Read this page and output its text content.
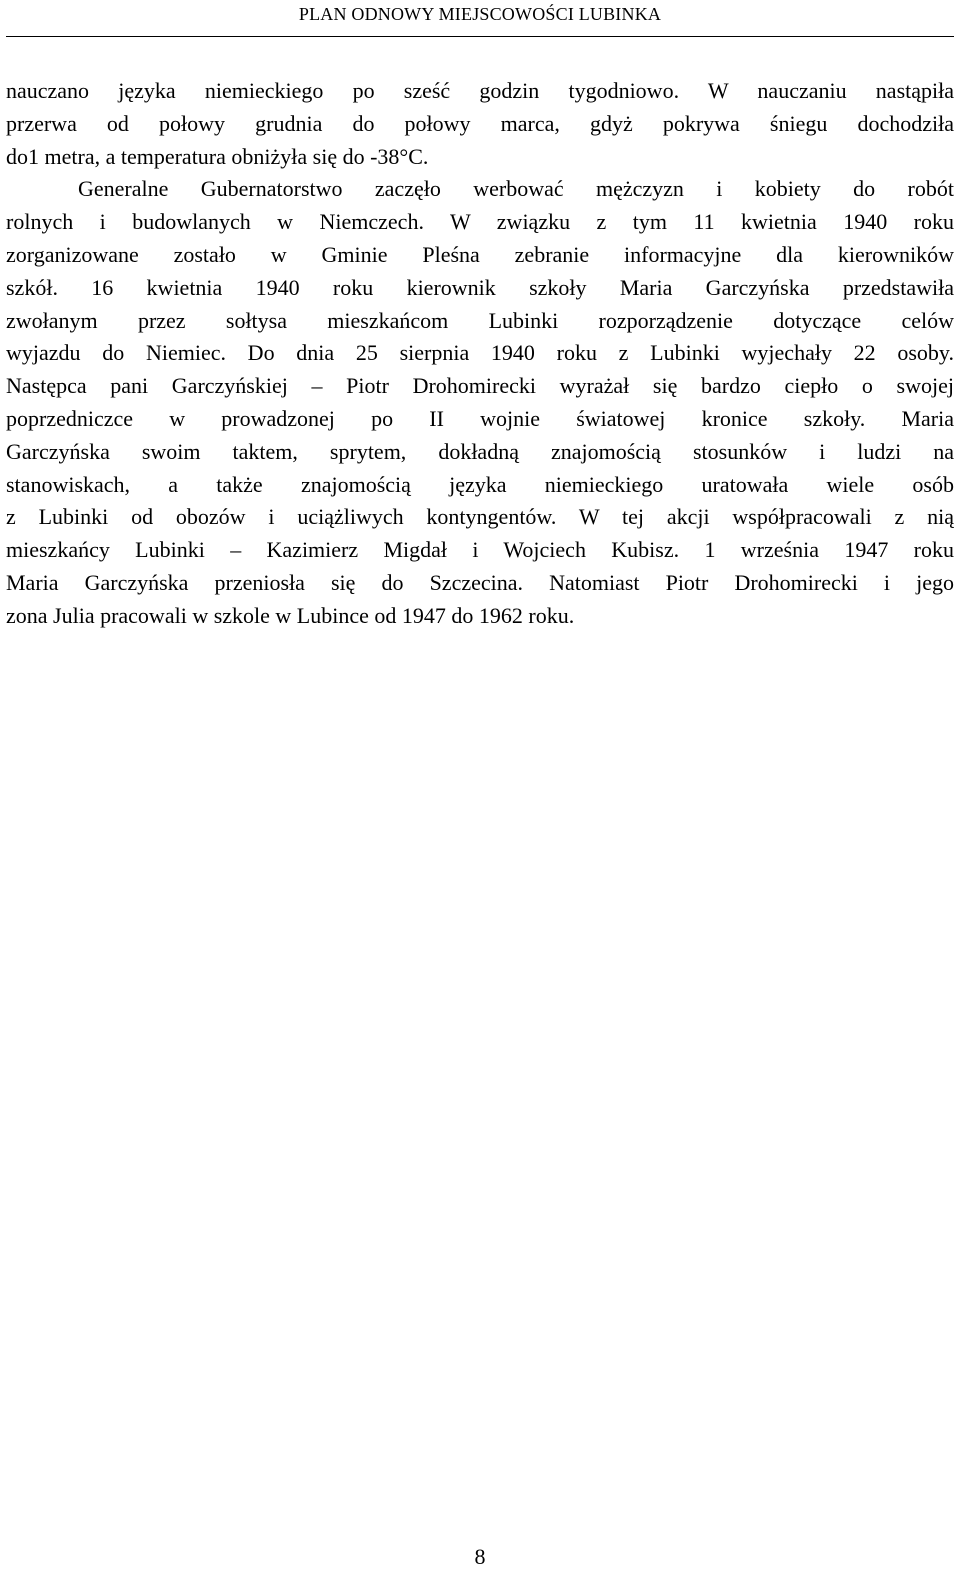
PLAN ODNOWY MIEJSCOWOŚCI LUBINKA
nauczano języka niemieckiego po sześć godzin tygodniowo. W nauczaniu nastąpiła
przerwa od połowy grudnia do połowy marca, gdyż pokrywa śniegu dochodziła
do1 metra, a temperatura obniżyła się do -38°C.
Generalne Gubernatorstwo zaczęło werbować mężczyzn i kobiety do robót
rolnych i budowlanych w Niemczech. W związku z tym 11 kwietnia 1940 roku
zorganizowane zostało w Gminie Pleśna zebranie informacyjne dla kierowników
szkół. 16 kwietnia 1940 roku kierownik szkoły Maria Garczyńska przedstawiła
zwołanym przez sołtysa mieszkańcom Lubinki rozporządzenie dotyczące celów
wyjazdu do Niemiec. Do dnia 25 sierpnia 1940 roku z Lubinki wyjechały 22 osoby.
Następca pani Garczyńskiej – Piotr Drohomirecki wyrażał się bardzo ciepło o swojej
poprzedniczce w prowadzonej po II wojnie światowej kronice szkoły. Maria
Garczyńska swoim taktem, sprytem, dokładną znajomością stosunków i ludzi na
stanowiskach, a także znajomością języka niemieckiego uratowała wiele osób
z Lubinki od obozów i uciążliwych kontyngentów. W tej akcji współpracowali z nią
mieszkańcy Lubinki – Kazimierz Migdał i Wojciech Kubisz. 1 września 1947 roku
Maria Garczyńska przeniosła się do Szczecina. Natomiast Piotr Drohomirecki i jego
zona Julia pracowali w szkole w Lubince od 1947 do 1962 roku.
8
